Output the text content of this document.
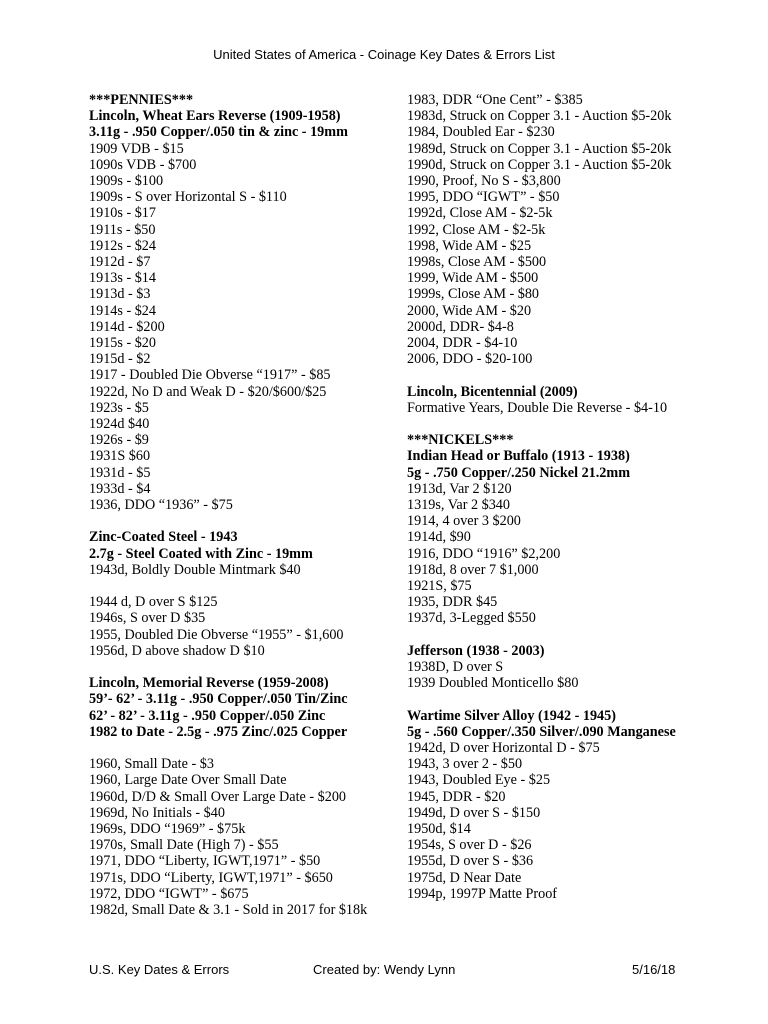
United States of America - Coinage Key Dates & Errors List
***PENNIES***
Lincoln, Wheat Ears Reverse (1909-1958)
3.11g - .950 Copper/.050 tin & zinc - 19mm
1909 VDB - $15
1090s VDB - $700
1909s - $100
1909s - S over Horizontal S - $110
1910s - $17
1911s - $50
1912s - $24
1912d - $7
1913s - $14
1913d - $3
1914s - $24
1914d - $200
1915s - $20
1915d - $2
1917 - Doubled Die Obverse “1917” - $85
1922d, No D and Weak D - $20/$600/$25
1923s - $5
1924d $40
1926s - $9
1931S $60
1931d - $5
1933d - $4
1936, DDO “1936” - $75
Zinc-Coated Steel - 1943
2.7g - Steel Coated with Zinc - 19mm
1943d, Boldly Double Mintmark $40
1944 d, D over S $125
1946s, S over D $35
1955, Doubled Die Obverse “1955” - $1,600
1956d, D above shadow D $10
Lincoln, Memorial Reverse (1959-2008)
59’- 62’ - 3.11g - .950 Copper/.050 Tin/Zinc
62’ - 82’ - 3.11g - .950 Copper/.050 Zinc
1982 to Date - 2.5g - .975 Zinc/.025 Copper
1960, Small Date - $3
1960, Large Date Over Small Date
1960d, D/D & Small Over Large Date - $200
1969d, No Initials - $40
1969s, DDO “1969” - $75k
1970s, Small Date (High 7) - $55
1971, DDO “Liberty, IGWT,1971” - $50
1971s, DDO “Liberty, IGWT,1971” - $650
1972, DDO “IGWT” - $675
1982d, Small Date & 3.1 - Sold in 2017 for $18k
1983, DDR “One Cent” - $385
1983d, Struck on Copper 3.1 - Auction $5-20k
1984, Doubled Ear - $230
1989d, Struck on Copper 3.1 - Auction $5-20k
1990d, Struck on Copper 3.1 - Auction $5-20k
1990, Proof, No S - $3,800
1995, DDO “IGWT” - $50
1992d, Close AM - $2-5k
1992, Close AM - $2-5k
1998, Wide AM - $25
1998s, Close AM - $500
1999, Wide AM - $500
1999s, Close AM - $80
2000, Wide AM - $20
2000d, DDR- $4-8
2004, DDR - $4-10
2006, DDO - $20-100
Lincoln, Bicentennial (2009)
Formative Years, Double Die Reverse - $4-10
***NICKELS***
Indian Head or Buffalo (1913 - 1938)
5g - .750 Copper/.250 Nickel 21.2mm
1913d, Var 2 $120
1319s, Var 2 $340
1914, 4 over 3 $200
1914d, $90
1916, DDO “1916” $2,200
1918d, 8 over 7 $1,000
1921S, $75
1935, DDR $45
1937d, 3-Legged $550
Jefferson (1938 - 2003)
1938D, D over S
1939 Doubled Monticello $80
Wartime Silver Alloy (1942 - 1945)
5g - .560 Copper/.350 Silver/.090 Manganese
1942d, D over Horizontal D - $75
1943, 3 over 2 - $50
1943, Doubled Eye - $25
1945, DDR - $20
1949d, D over S - $150
1950d, $14
1954s, S over D - $26
1955d, D over S - $36
1975d, D Near Date
1994p, 1997P Matte Proof
U.S. Key Dates & Errors	Created by: Wendy Lynn	5/16/18
